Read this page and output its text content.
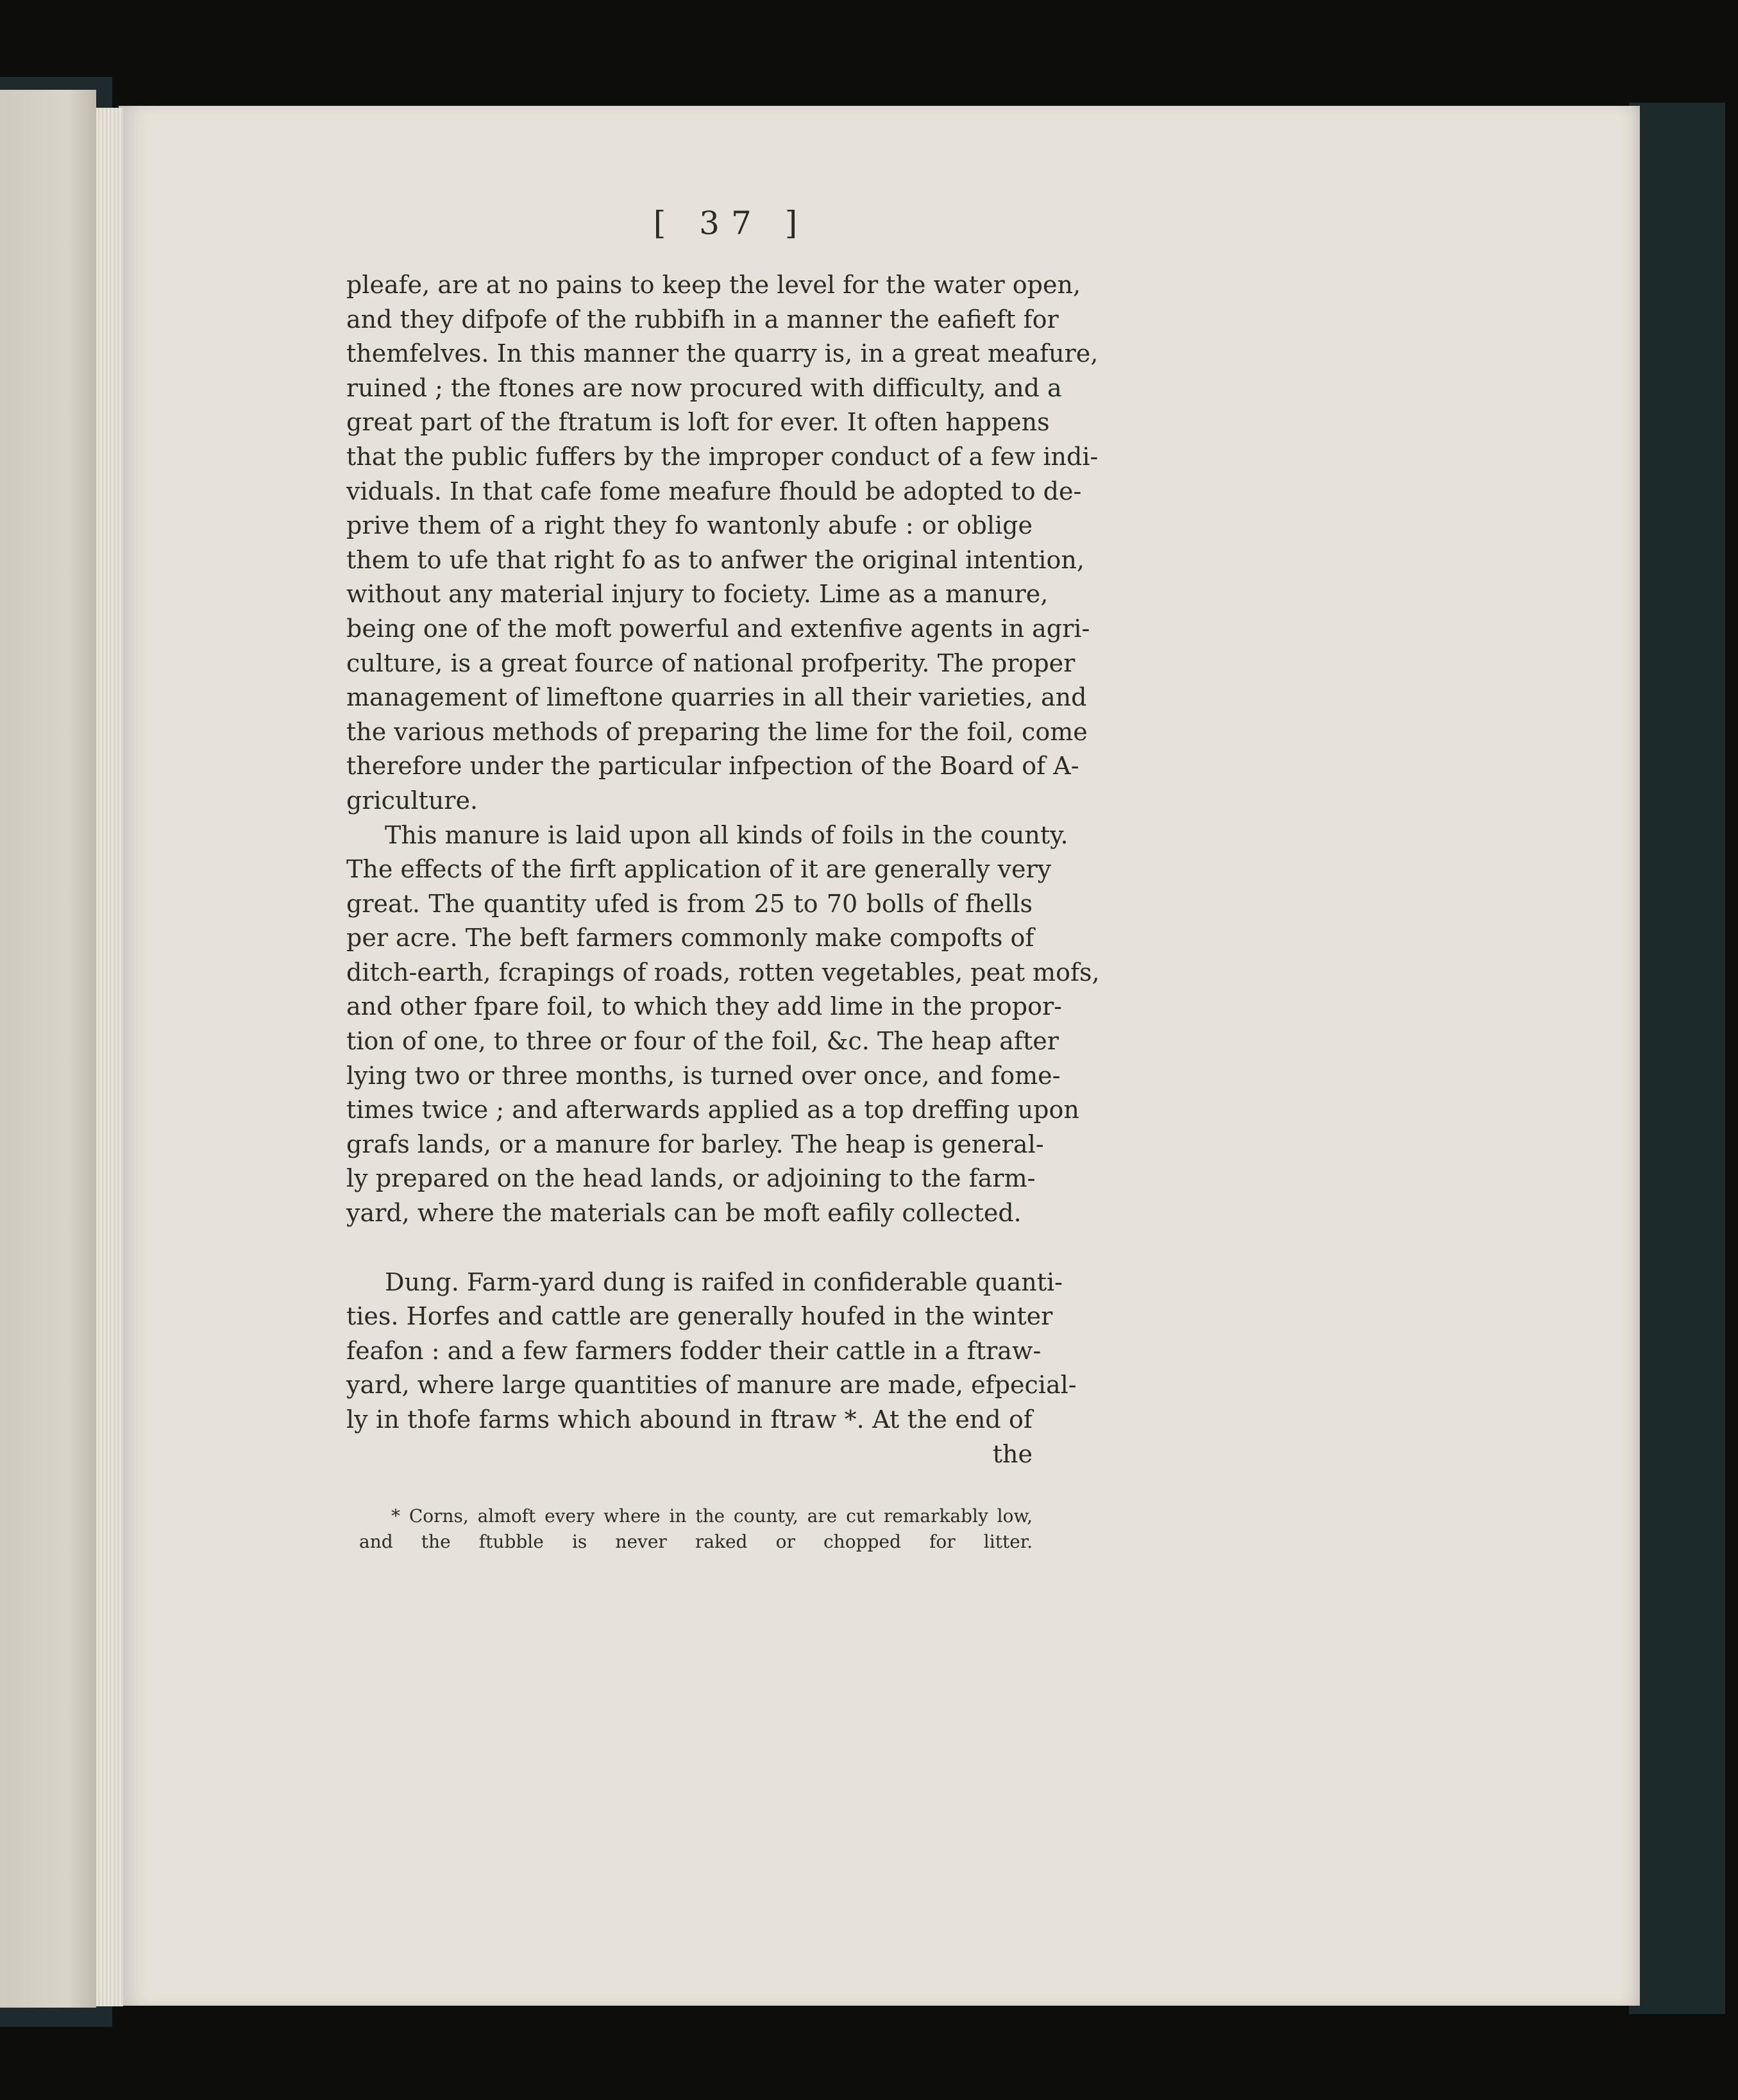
[ 37 ]
pleafe, are at no pains to keep the level for the water open,
and they difpofe of the rubbifh in a manner the eafieft for
themfelves. In this manner the quarry is, in a great meafure,
ruined ; the ftones are now procured with difficulty, and a
great part of the ftratum is loft for ever. It often happens
that the public fuffers by the improper conduct of a few indi-
viduals. In that cafe fome meafure fhould be adopted to de-
prive them of a right they fo wantonly abufe : or oblige
them to ufe that right fo as to anfwer the original intention,
without any material injury to fociety. Lime as a manure,
being one of the moft powerful and extenfive agents in agri-
culture, is a great fource of national profperity. The proper
management of limeftone quarries in all their varieties, and
the various methods of preparing the lime for the foil, come
therefore under the particular infpection of the Board of A-
griculture.
This manure is laid upon all kinds of foils in the county.
The effects of the firft application of it are generally very
great. The quantity ufed is from 25 to 70 bolls of fhells
per acre. The beft farmers commonly make compofts of
ditch-earth, fcrapings of roads, rotten vegetables, peat mofs,
and other fpare foil, to which they add lime in the propor-
tion of one, to three or four of the foil, &c. The heap after
lying two or three months, is turned over once, and fome-
times twice ; and afterwards applied as a top dreffing upon
grafs lands, or a manure for barley. The heap is general-
ly prepared on the head lands, or adjoining to the farm-
yard, where the materials can be moft eafily collected.
Dung. Farm-yard dung is raifed in confiderable quanti-
ties. Horfes and cattle are generally houfed in the winter
feafon : and a few farmers fodder their cattle in a ftraw-
yard, where large quantities of manure are made, efpecial-
ly in thofe farms which abound in ftraw *. At the end of
the
* Corns, almoft every where in the county, are cut remarkably low,
and the ftubble is never raked or chopped for litter.
